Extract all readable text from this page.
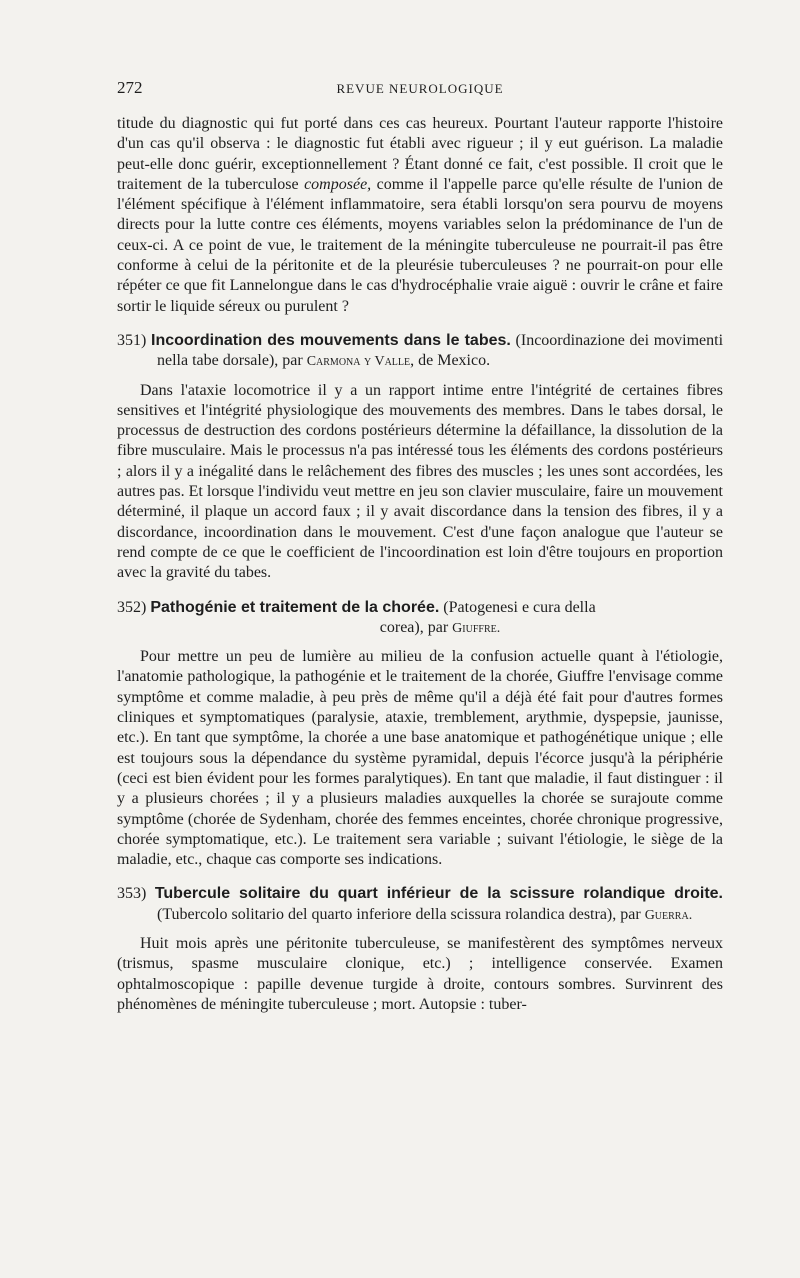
272	REVUE NEUROLOGIQUE

titude du diagnostic qui fut porté dans ces cas heureux. Pourtant l'auteur rapporte l'histoire d'un cas qu'il observa : le diagnostic fut établi avec rigueur ; il y eut guérison. La maladie peut-elle donc guérir, exceptionnellement ? Étant donné ce fait, c'est possible. Il croit que le traitement de la tuberculose composée, comme il l'appelle parce qu'elle résulte de l'union de l'élément spécifique à l'élément inflammatoire, sera établi lorsqu'on sera pourvu de moyens directs pour la lutte contre ces éléments, moyens variables selon la prédominance de l'un de ceux-ci. A ce point de vue, le traitement de la méningite tuberculeuse ne pourrait-il pas être conforme à celui de la péritonite et de la pleurésie tuberculeuses ? ne pourrait-on pour elle répéter ce que fit Lannelongue dans le cas d'hydrocéphalie vraie aiguë : ouvrir le crâne et faire sortir le liquide séreux ou purulent ?

351) Incoordination des mouvements dans le tabes. (Incoordinazione dei movimenti nella tabe dorsale), par Carmona y Valle, de Mexico.

Dans l'ataxie locomotrice il y a un rapport intime entre l'intégrité de certaines fibres sensitives et l'intégrité physiologique des mouvements des membres. Dans le tabes dorsal, le processus de destruction des cordons postérieurs détermine la défaillance, la dissolution de la fibre musculaire. Mais le processus n'a pas intéressé tous les éléments des cordons postérieurs ; alors il y a inégalité dans le relâchement des fibres des muscles ; les unes sont accordées, les autres pas. Et lorsque l'individu veut mettre en jeu son clavier musculaire, faire un mouvement déterminé, il plaque un accord faux ; il y avait discordance dans la tension des fibres, il y a discordance, incoordination dans le mouvement. C'est d'une façon analogue que l'auteur se rend compte de ce que le coefficient de l'incoordination est loin d'être toujours en proportion avec la gravité du tabes.

352) Pathogénie et traitement de la chorée. (Patogenesi e cura della
corea), par Giuffre.

Pour mettre un peu de lumière au milieu de la confusion actuelle quant à l'étiologie, l'anatomie pathologique, la pathogénie et le traitement de la chorée, Giuffre l'envisage comme symptôme et comme maladie, à peu près de même qu'il a déjà été fait pour d'autres formes cliniques et symptomatiques (paralysie, ataxie, tremblement, arythmie, dyspepsie, jaunisse, etc.). En tant que symptôme, la chorée a une base anatomique et pathogénétique unique ; elle est toujours sous la dépendance du système pyramidal, depuis l'écorce jusqu'à la périphérie (ceci est bien évident pour les formes paralytiques). En tant que maladie, il faut distinguer : il y a plusieurs chorées ; il y a plusieurs maladies auxquelles la chorée se surajoute comme symptôme (chorée de Sydenham, chorée des femmes enceintes, chorée chronique progressive, chorée symptomatique, etc.). Le traitement sera variable ; suivant l'étiologie, le siège de la maladie, etc., chaque cas comporte ses indications.

353) Tubercule solitaire du quart inférieur de la scissure rolandique droite. (Tubercolo solitario del quarto inferiore della scissura rolandica destra), par Guerra.

Huit mois après une péritonite tuberculeuse, se manifestèrent des symptômes nerveux (trismus, spasme musculaire clonique, etc.) ; intelligence conservée. Examen ophtalmoscopique : papille devenue turgide à droite, contours sombres. Survinrent des phénomènes de méningite tuberculeuse ; mort. Autopsie : tuber-
